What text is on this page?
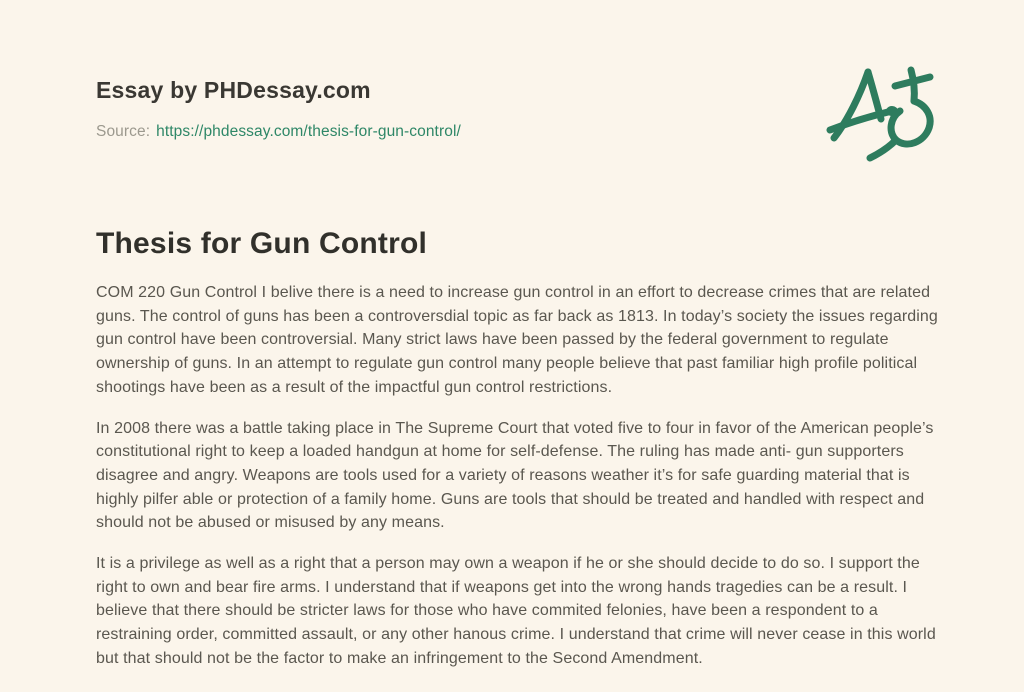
Essay by PHDessay.com
Source: https://phdessay.com/thesis-for-gun-control/
Thesis for Gun Control

COM 220 Gun Control I belive there is a need to increase gun control in an effort to decrease crimes that are related guns. The control of guns has been a controversdial topic as far back as 1813. In today’s society the issues regarding gun control have been controversial. Many strict laws have been passed by the federal government to regulate ownership of guns. In an attempt to regulate gun control many people believe that past familiar high profile political shootings have been as a result of the impactful gun control restrictions.

In 2008 there was a battle taking place in The Supreme Court that voted five to four in favor of the American people’s constitutional right to keep a loaded handgun at home for self-defense. The ruling has made anti- gun supporters disagree and angry. Weapons are tools used for a variety of reasons weather it’s for safe guarding material that is highly pilfer able or protection of a family home. Guns are tools that should be treated and handled with respect and should not be abused or misused by any means.

It is a privilege as well as a right that a person may own a weapon if he or she should decide to do so. I support the right to own and bear fire arms. I understand that if weapons get into the wrong hands tragedies can be a result. I believe that there should be stricter laws for those who have commited felonies, have been a respondent to a restraining order, committed assault, or any other hanous crime. I understand that crime will never cease in this world but that should not be the factor to make an infringement to the Second Amendment.
